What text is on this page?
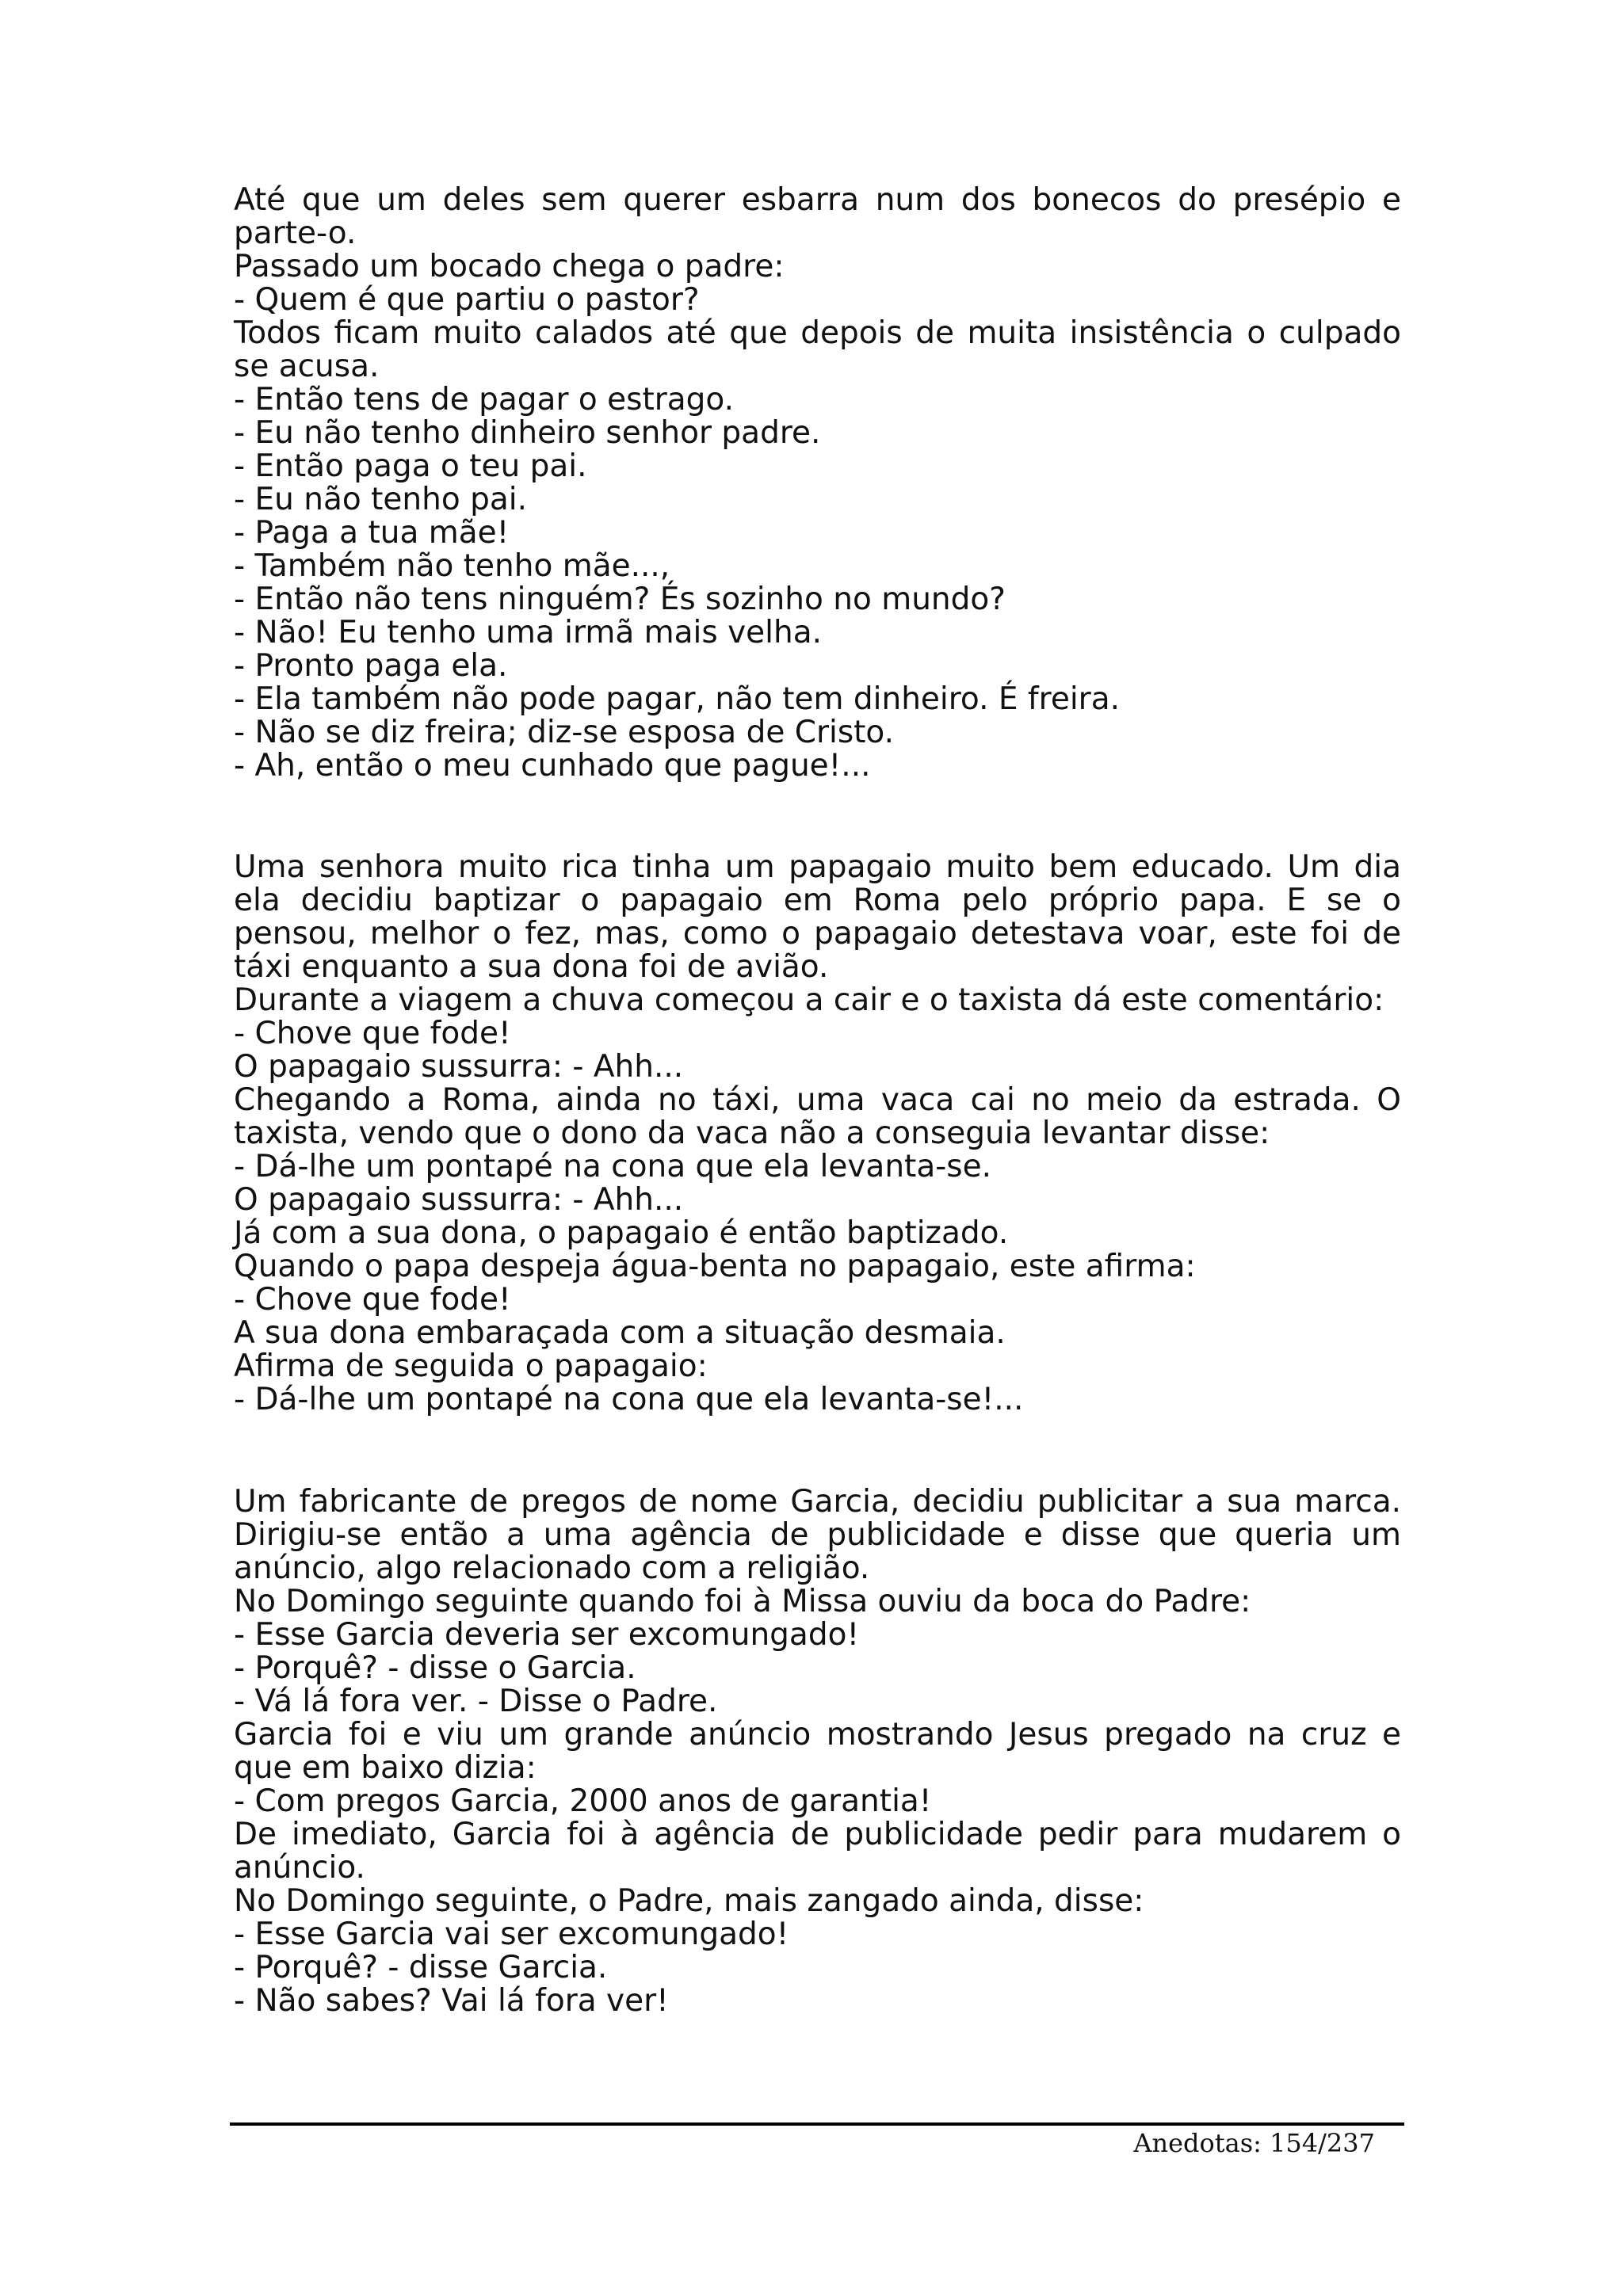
Até que um deles sem querer esbarra num dos bonecos do presépio e parte-o.

Passado um bocado chega o padre:

- Quem é que partiu o pastor?

Todos ficam muito calados até que depois de muita insistência o culpado se acusa.

- Então tens de pagar o estrago.

- Eu não tenho dinheiro senhor padre.

- Então paga o teu pai.

- Eu não tenho pai.

- Paga a tua mãe!

- Também não tenho mãe...,

- Então não tens ninguém? És sozinho no mundo?

- Não! Eu tenho uma irmã mais velha.

- Pronto paga ela.

- Ela também não pode pagar, não tem dinheiro. É freira.

- Não se diz freira; diz-se esposa de Cristo.

- Ah, então o meu cunhado que pague!...

Uma senhora muito rica tinha um papagaio muito bem educado. Um dia ela decidiu baptizar o papagaio em Roma pelo próprio papa. E se o pensou, melhor o fez, mas, como o papagaio detestava voar, este foi de táxi enquanto a sua dona foi de avião.

Durante a viagem a chuva começou a cair e o taxista dá este comentário:

- Chove que fode!

O papagaio sussurra: - Ahh...

Chegando a Roma, ainda no táxi, uma vaca cai no meio da estrada. O taxista, vendo que o dono da vaca não a conseguia levantar disse:

- Dá-lhe um pontapé na cona que ela levanta-se.

O papagaio sussurra: - Ahh...

Já com a sua dona, o papagaio é então baptizado.

Quando o papa despeja água-benta no papagaio, este afirma:

- Chove que fode!

A sua dona embaraçada com a situação desmaia.

Afirma de seguida o papagaio:

- Dá-lhe um pontapé na cona que ela levanta-se!...

Um fabricante de pregos de nome Garcia, decidiu publicitar a sua marca. Dirigiu-se então a uma agência de publicidade e disse que queria um anúncio, algo relacionado com a religião.

No Domingo seguinte quando foi à Missa ouviu da boca do Padre:

- Esse Garcia deveria ser excomungado!

- Porquê? - disse o Garcia.

- Vá lá fora ver. - Disse o Padre.

Garcia foi e viu um grande anúncio mostrando Jesus pregado na cruz e que em baixo dizia:

- Com pregos Garcia, 2000 anos de garantia!

De imediato, Garcia foi à agência de publicidade pedir para mudarem o anúncio.

No Domingo seguinte, o Padre, mais zangado ainda, disse:

- Esse Garcia vai ser excomungado!

- Porquê? - disse Garcia.

- Não sabes? Vai lá fora ver!

Anedotas: 154/237
